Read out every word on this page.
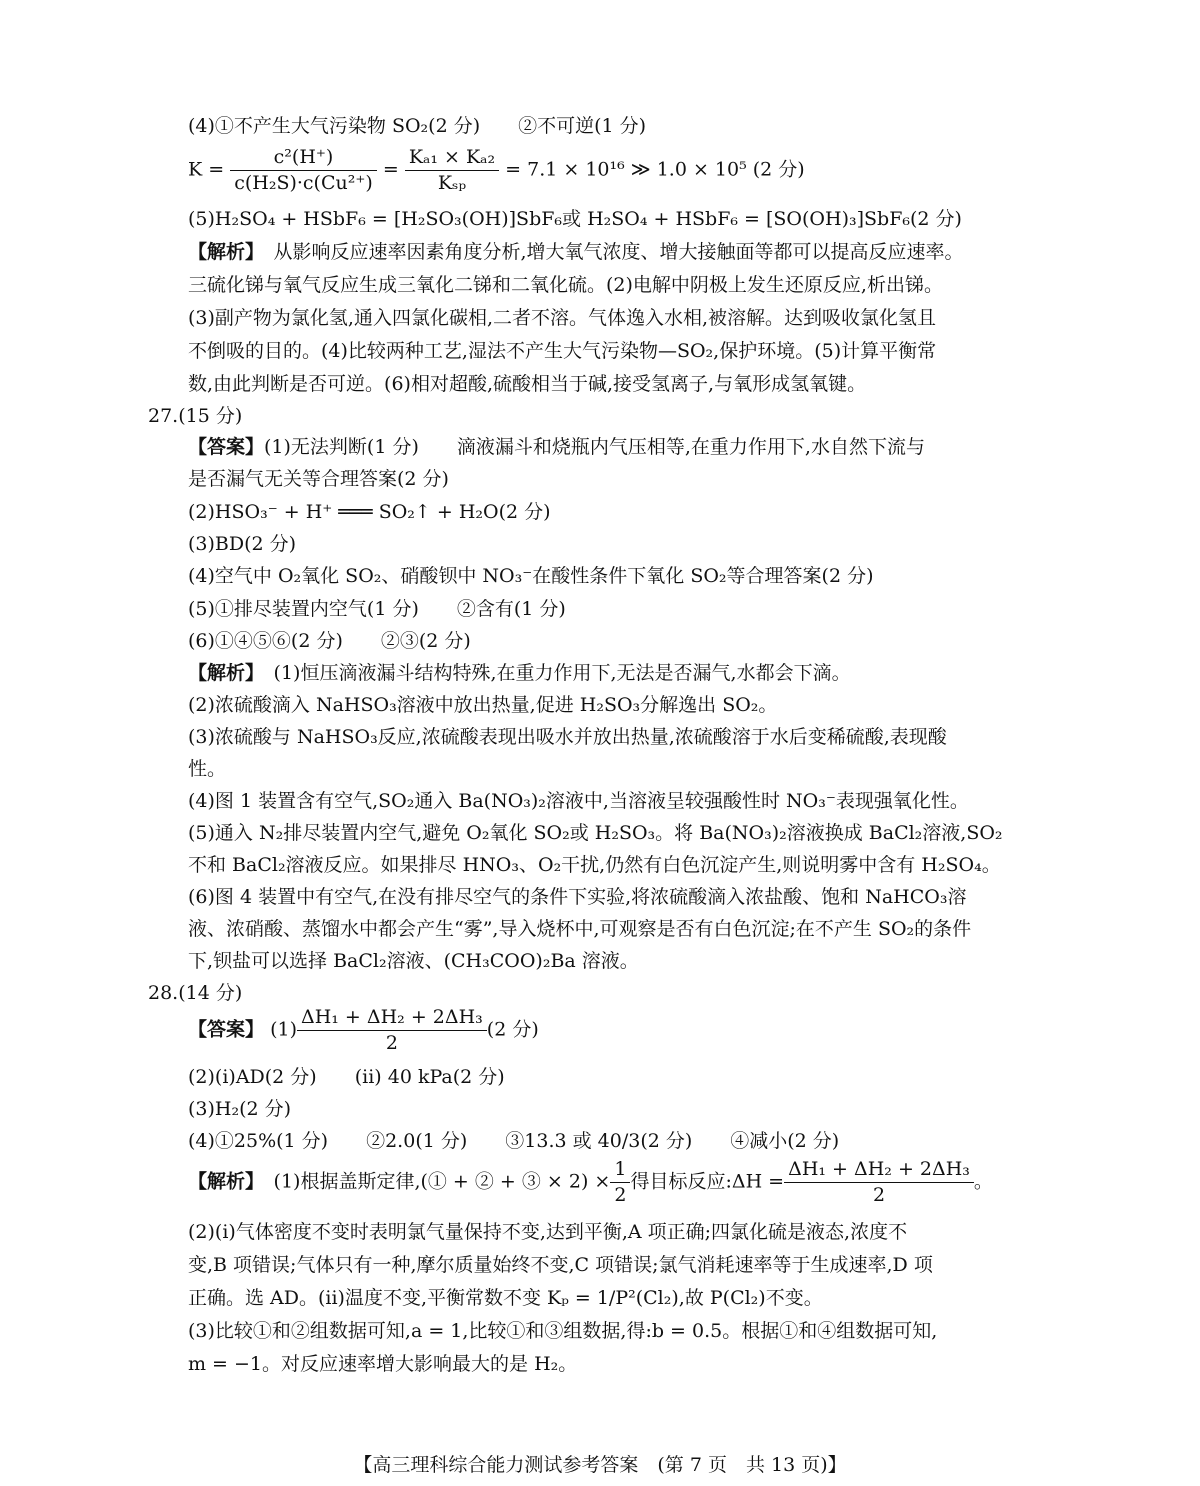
(4)①不产生大气污染物 SO₂(2 分)　　②不可逆(1 分)
$K = \frac{\text{c²(H⁺)}}{\text{c(H₂S)·c(Cu²⁺)}} = \frac{\text{Kₐ₁ × Kₐ₂}}{\text{Kₛₚ}} = 7.1 \times 10^{16}$ ≫ 1.0 × 10⁵ (2 分)
(5)H₂SO₄ + HSbF₆ = [H₂SO₃(OH)]SbF₆或 H₂SO₄ + HSbF₆ = [SO(OH)₃]SbF₆(2 分)
【解析】　从影响反应速率因素角度分析,增大氧气浓度、增大接触面等都可以提高反应速率。
三硫化锑与氧气反应生成三氧化二锑和二氧化硫。(2)电解中阴极上发生还原反应,析出锑。
(3)副产物为氯化氢,通入四氯化碳相,二者不溶。气体逸入水相,被溶解。达到吸收氯化氢且
不倒吸的目的。(4)比较两种工艺,湿法不产生大气污染物—SO₂,保护环境。(5)计算平衡常
数,由此判断是否可逆。(6)相对超酸,硫酸相当于碱,接受氢离子,与氧形成氢氧键。
27.(15 分)
【答案】(1)无法判断(1 分)　　滴液漏斗和烧瓶内气压相等,在重力作用下,水自然下流与
是否漏气无关等合理答案(2 分)
(2)HSO₃⁻ + H⁺ ═══ SO₂↑ + H₂O(2 分)
(3)BD(2 分)
(4)空气中 O₂氧化 SO₂、硝酸钡中 NO₃⁻在酸性条件下氧化 SO₂等合理答案(2 分)
(5)①排尽装置内空气(1 分)　　②含有(1 分)
(6)①④⑤⑥(2 分)　　②③(2 分)
【解析】　 (1)恒压滴液漏斗结构特殊,在重力作用下,无法是否漏气,水都会下滴。
(2)浓硫酸滴入 NaHSO₃溶液中放出热量,促进 H₂SO₃分解逸出 SO₂。
(3)浓硫酸与 NaHSO₃反应,浓硫酸表现出吸水并放出热量,浓硫酸溶于水后变稀硫酸,表现酸
性。
(4)图 1 装置含有空气,SO₂通入 Ba(NO₃)₂溶液中,当溶液呈较强酸性时 NO₃⁻表现强氧化性。
(5)通入 N₂排尽装置内空气,避免 O₂氧化 SO₂或 H₂SO₃。将 Ba(NO₃)₂溶液换成 BaCl₂溶液,SO₂
不和 BaCl₂溶液反应。如果排尽 HNO₃、O₂干扰,仍然有白色沉淀产生,则说明雾中含有 H₂SO₄。
(6)图 4 装置中有空气,在没有排尽空气的条件下实验,将浓硫酸滴入浓盐酸、饱和 NaHCO₃溶
液、浓硝酸、蒸馏水中都会产生“雾”,导入烧杯中,可观察是否有白色沉淀;在不产生 SO₂的条件
下,钡盐可以选择 BaCl₂溶液、(CH₃COO)₂Ba 溶液。
28.(14 分)
【答案】 $(1) \frac{\text{ΔH₁ + ΔH₂ + 2ΔH₃}}{2} (2$ 分)
(2)(i)AD(2 分)　　(ii) 40 kPa(2 分)
(3)H₂(2 分)
(4)①25%(1 分)　　②2.0(1 分)　　③13.3 或 40/3(2 分)　　④减小(2 分)
【解析】　 (1)根据盖斯定律,(① + ② + ③ × $2) \times \frac{1}{2}$ 得目标反应:ΔH = $\frac{\text{ΔH₁ + ΔH₂ + 2ΔH₃}}{2}$ 。
(2)(i)气体密度不变时表明氯气量保持不变,达到平衡,A 项正确;四氯化硫是液态,浓度不
变,B 项错误;气体只有一种,摩尔质量始终不变,C 项错误;氯气消耗速率等于生成速率,D 项
正确。选 AD。(ii)温度不变,平衡常数不变 Kₚ = 1/P²(Cl₂),故 P(Cl₂)不变。
(3)比较①和②组数据可知,a = 1,比较①和③组数据,得:b = 0.5。根据①和④组数据可知,
m = −1。对反应速率增大影响最大的是 H₂。
【高三理科综合能力测试参考答案　(第 7 页　共 13 页)】
